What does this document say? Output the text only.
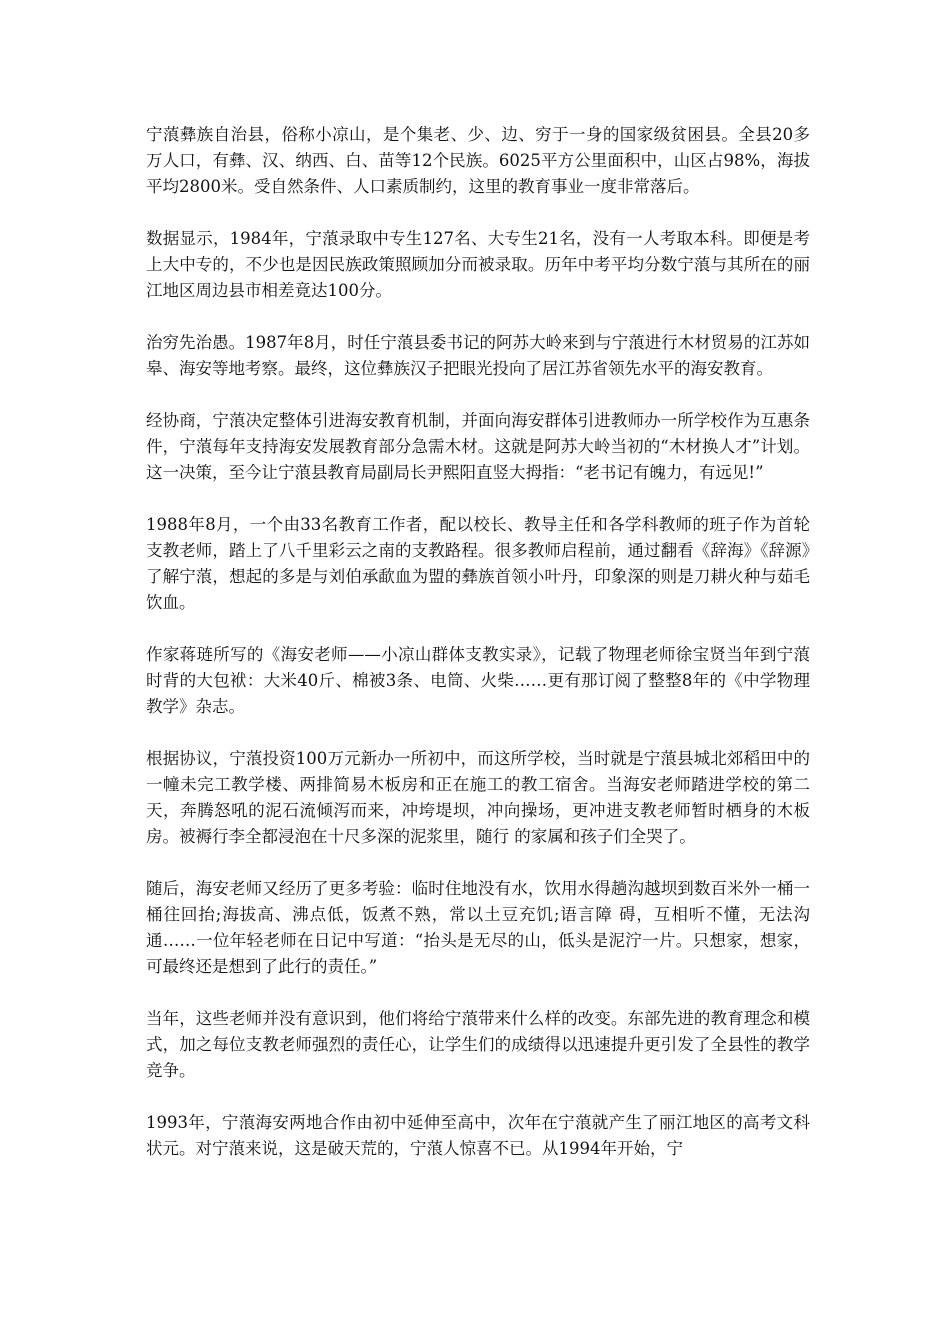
宁蒗彝族自治县，俗称小凉山，是个集老、少、边、穷于一身的国家级贫困县。全县20多万人口，有彝、汉、纳西、白、苗等12个民族。6025平方公里面积中，山区占98%，海拔平均2800米。受自然条件、人口素质制约，这里的教育事业一度非常落后。

数据显示，1984年，宁蒗录取中专生127名、大专生21名，没有一人考取本科。即便是考上大中专的，不少也是因民族政策照顾加分而被录取。历年中考平均分数宁蒗与其所在的丽江地区周边县市相差竟达100分。

治穷先治愚。1987年8月，时任宁蒗县委书记的阿苏大岭来到与宁蒗进行木材贸易的江苏如皋、海安等地考察。最终，这位彝族汉子把眼光投向了居江苏省领先水平的海安教育。

经协商，宁蒗决定整体引进海安教育机制，并面向海安群体引进教师办一所学校作为互惠条件，宁蒗每年支持海安发展教育部分急需木材。这就是阿苏大岭当初的“木材换人才”计划。这一决策，至今让宁蒗县教育局副局长尹熙阳直竖大拇指：“老书记有魄力，有远见!”

1988年8月，一个由33名教育工作者，配以校长、教导主任和各学科教师的班子作为首轮支教老师，踏上了八千里彩云之南的支教路程。很多教师启程前，通过翻看《辞海》《辞源》了解宁蒗，想起的多是与刘伯承歃血为盟的彝族首领小叶丹，印象深的则是刀耕火种与茹毛饮血。

作家蒋琏所写的《海安老师——小凉山群体支教实录》，记载了物理老师徐宝贤当年到宁蒗时背的大包袱：大米40斤、棉被3条、电筒、火柴……更有那订阅了整整8年的《中学物理教学》杂志。

根据协议，宁蒗投资100万元新办一所初中，而这所学校，当时就是宁蒗县城北郊稻田中的一幢未完工教学楼、两排简易木板房和正在施工的教工宿舍。当海安老师踏进学校的第二天，奔腾怒吼的泥石流倾泻而来，冲垮堤坝，冲向操场，更冲进支教老师暂时栖身的木板房。被褥行李全都浸泡在十尺多深的泥浆里，随行 的家属和孩子们全哭了。

随后，海安老师又经历了更多考验：临时住地没有水，饮用水得趟沟越坝到数百米外一桶一桶往回抬;海拔高、沸点低，饭煮不熟，常以土豆充饥;语言障 碍，互相听不懂，无法沟通……一位年轻老师在日记中写道：“抬头是无尽的山，低头是泥泞一片。只想家，想家，可最终还是想到了此行的责任。”

当年，这些老师并没有意识到，他们将给宁蒗带来什么样的改变。东部先进的教育理念和模式，加之每位支教老师强烈的责任心，让学生们的成绩得以迅速提升更引发了全县性的教学竞争。

1993年，宁蒗海安两地合作由初中延伸至高中，次年在宁蒗就产生了丽江地区的高考文科状元。对宁蒗来说，这是破天荒的，宁蒗人惊喜不已。从1994年开始，宁
